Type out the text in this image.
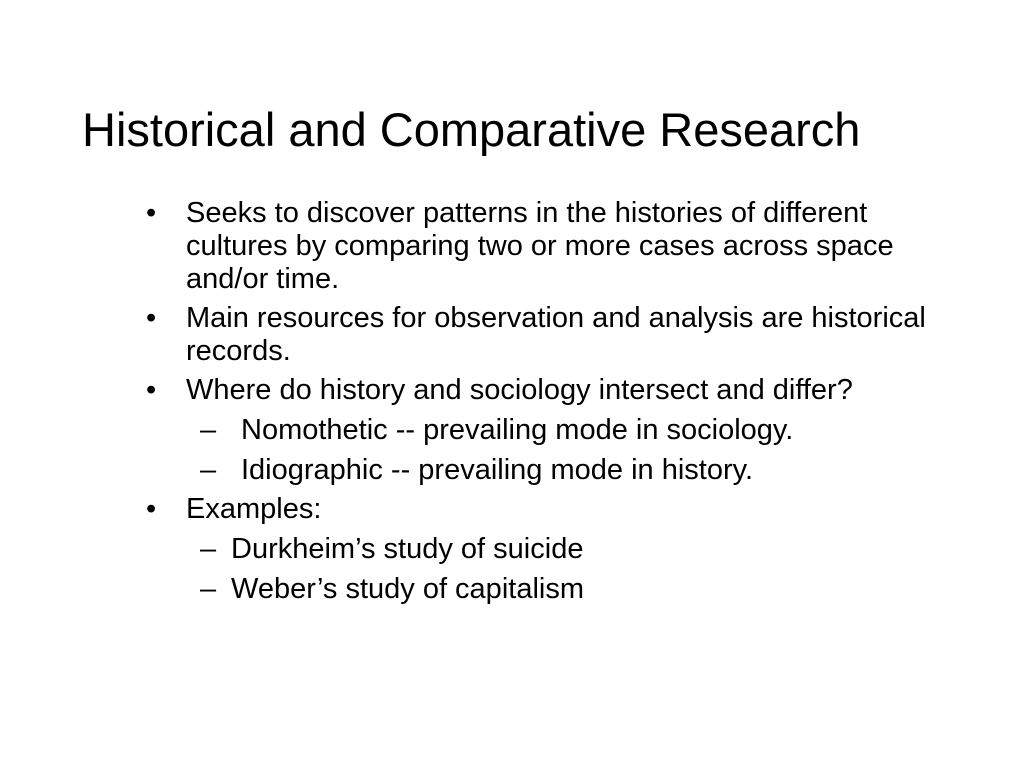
Historical and Comparative Research
• Seeks to discover patterns in the histories of different cultures by comparing two or more cases across space and/or time.
• Main resources for observation and analysis are historical records.
• Where do history and sociology intersect and differ?
– Nomothetic -- prevailing mode in sociology.
– Idiographic -- prevailing mode in history.
• Examples:
– Durkheim’s study of suicide
– Weber’s study of capitalism
